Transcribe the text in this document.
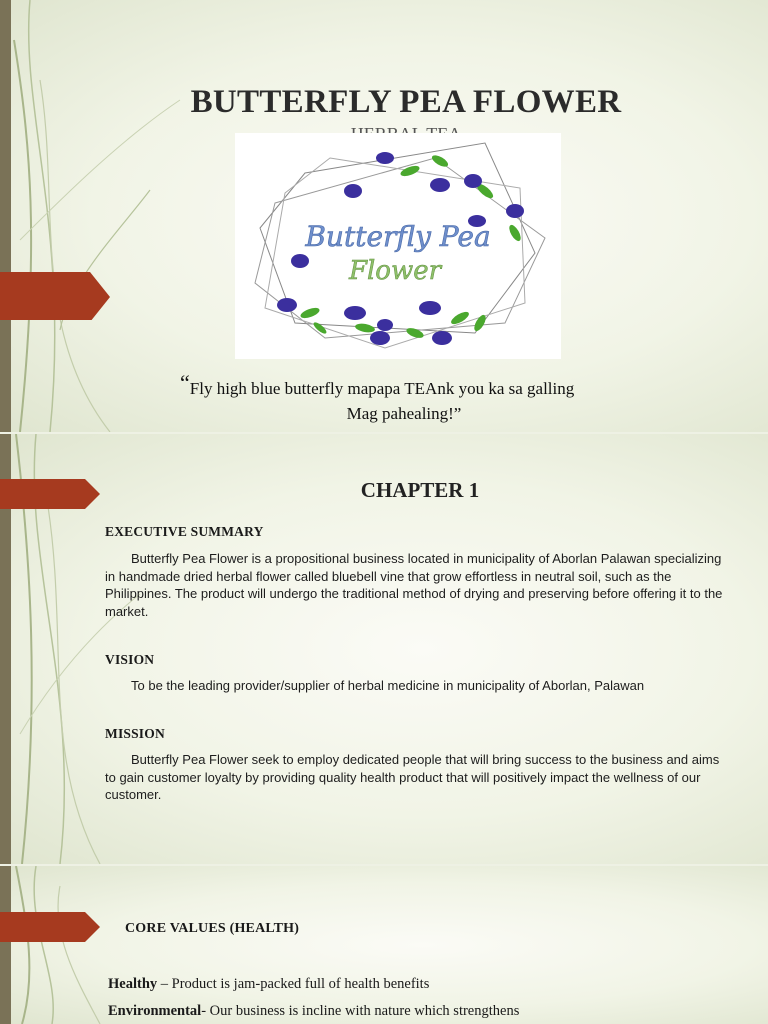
BUTTERFLY PEA FLOWER
Butterfly Pea
Flower
“Fly high blue butterfly mapapa TEAnk you ka sa galling
Mag pahealing!”
CHAPTER 1
EXECUTIVE SUMMARY
Butterfly Pea Flower is a propositional business located in municipality of Aborlan Palawan specializing in handmade dried herbal flower called bluebell vine that grow effortless in neutral soil, such as the Philippines. The product will undergo the traditional method of drying and preserving before offering it to the market.
VISION
To be the leading provider/supplier of herbal medicine in municipality of Aborlan, Palawan
MISSION
Butterfly Pea Flower seek to employ dedicated people that will bring success to the business and aims to gain customer loyalty by providing quality health product that will positively impact the wellness of our customer.
CORE VALUES (HEALTH)
Healthy – Product is jam-packed full of health benefits
Environmental- Our business is incline with nature which strengthens
